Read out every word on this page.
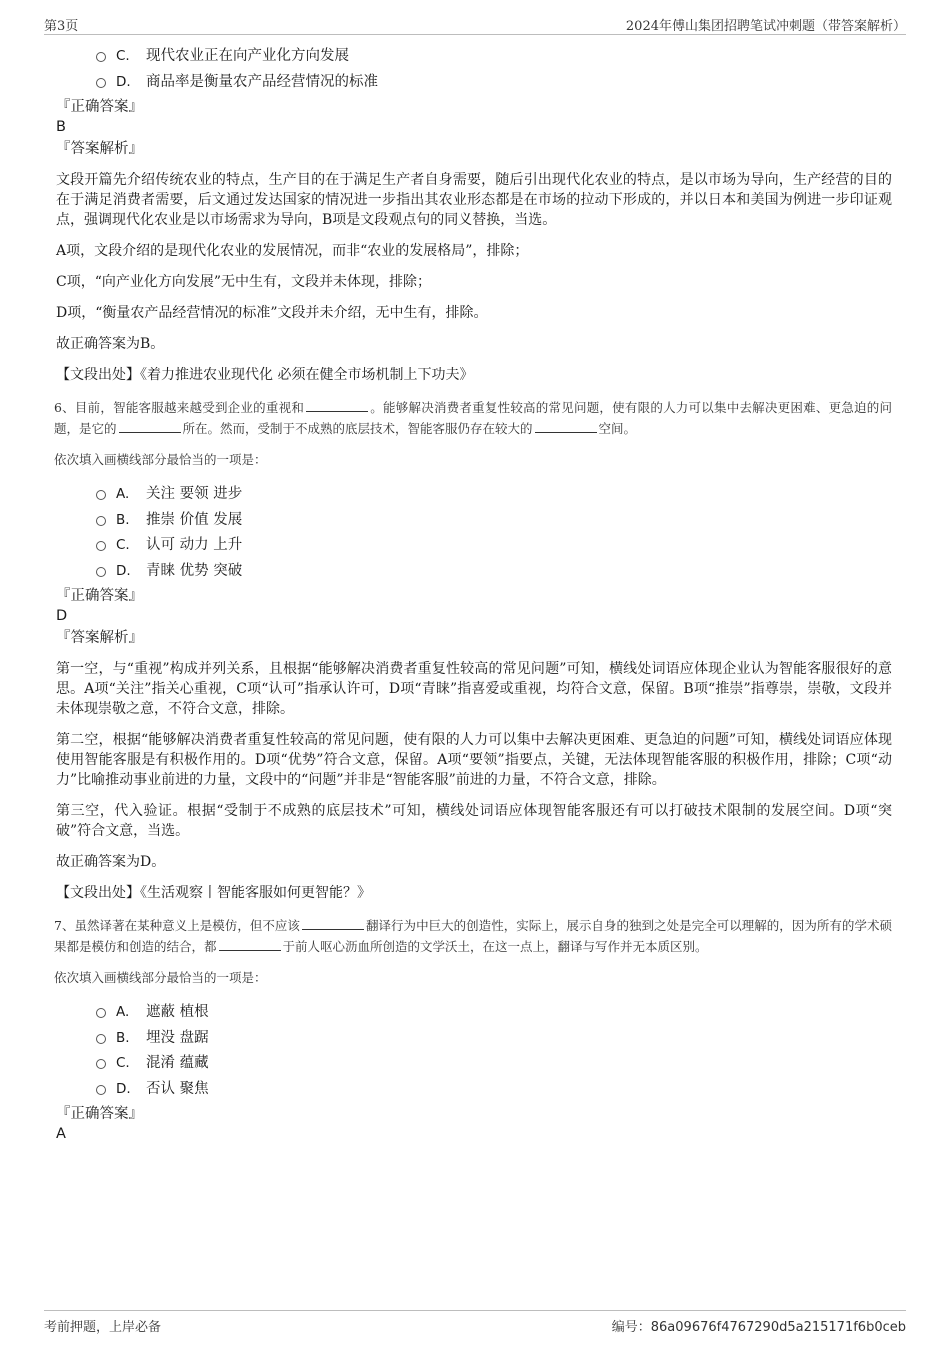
第3页	2024年傅山集团招聘笔试冲刺题（带答案解析）
C. 现代农业正在向产业化方向发展
D. 商品率是衡量农产品经营情况的标准
『正确答案』
B
『答案解析』

文段开篇先介绍传统农业的特点，生产目的在于满足生产者自身需要，随后引出现代化农业的特点，是以市场为导向，生产经营的目的在于满足消费者需要，后文通过发达国家的情况进一步指出其农业形态都是在市场的拉动下形成的，并以日本和美国为例进一步印证观点，强调现代化农业是以市场需求为导向，B项是文段观点句的同义替换，当选。

A项，文段介绍的是现代化农业的发展情况，而非“农业的发展格局”，排除；

C项，“向产业化方向发展”无中生有，文段并未体现，排除；

D项，“衡量农产品经营情况的标准”文段并未介绍，无中生有，排除。

故正确答案为B。

【文段出处】《着力推进农业现代化 必须在健全市场机制上下功夫》
6、目前，智能客服越来越受到企业的重视和	。能够解决消费者重复性较高的常见问题，使有限的人力可以集中去解决更困难、更急迫的问题，是它的	所在。然而，受制于不成熟的底层技术，智能客服仍存在较大的	空间。
依次填入画横线部分最恰当的一项是：
A. 关注 要领 进步
B. 推崇 价值 发展
C. 认可 动力 上升
D. 青睐 优势 突破
『正确答案』
D
『答案解析』

第一空，与“重视”构成并列关系，且根据“能够解决消费者重复性较高的常见问题”可知，横线处词语应体现企业认为智能客服很好的意思。A项“关注”指关心重视，C项“认可”指承认许可，D项“青睐”指喜爱或重视，均符合文意，保留。B项“推崇”指尊崇，崇敬，文段并未体现崇敬之意，不符合文意，排除。

第二空，根据“能够解决消费者重复性较高的常见问题，使有限的人力可以集中去解决更困难、更急迫的问题”可知，横线处词语应体现使用智能客服是有积极作用的。D项“优势”符合文意，保留。A项“要领”指要点，关键，无法体现智能客服的积极作用，排除；C项“动力”比喻推动事业前进的力量，文段中的“问题”并非是“智能客服”前进的力量，不符合文意，排除。

第三空，代入验证。根据“受制于不成熟的底层技术”可知，横线处词语应体现智能客服还有可以打破技术限制的发展空间。D项“突破”符合文意，当选。

故正确答案为D。

【文段出处】《生活观察丨智能客服如何更智能？》
7、虽然译著在某种意义上是模仿，但不应该	翻译行为中巨大的创造性，实际上，展示自身的独到之处是完全可以理解的，因为所有的学术硕果都是模仿和创造的结合，都	于前人呕心沥血所创造的文学沃土，在这一点上，翻译与写作并无本质区别。
依次填入画横线部分最恰当的一项是：
A. 遮蔽 植根
B. 埋没 盘踞
C. 混淆 蕴藏
D. 否认 聚焦
『正确答案』
A
考前押题，上岸必备	编号：86a09676f4767290d5a215171f6b0ceb
